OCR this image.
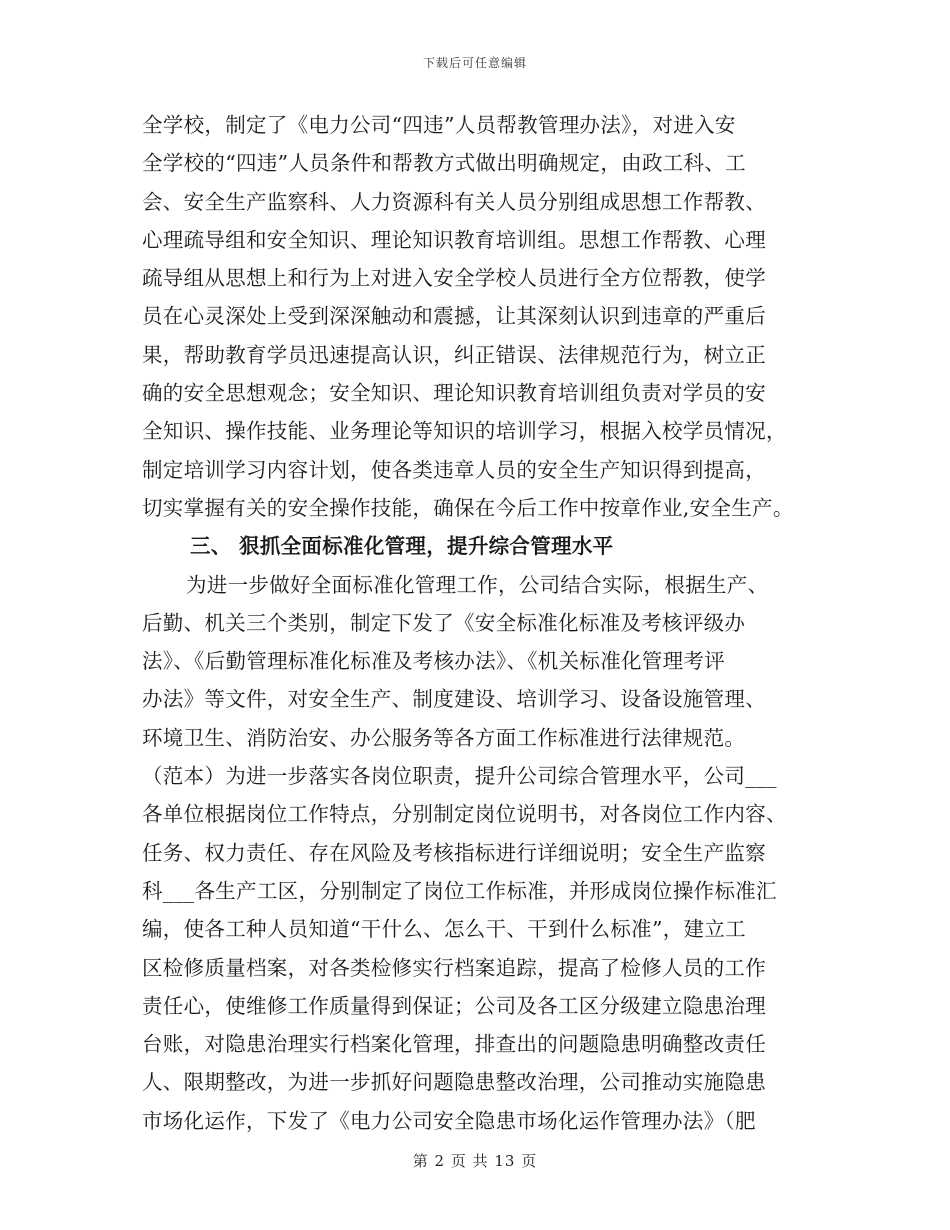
下载后可任意编辑
全学校，制定了《电力公司“四违”人员帮教管理办法》，对进入安
全学校的“四违”人员条件和帮教方式做出明确规定，由政工科、工
会、安全生产监察科、人力资源科有关人员分别组成思想工作帮教、
心理疏导组和安全知识、理论知识教育培训组。思想工作帮教、心理
疏导组从思想上和行为上对进入安全学校人员进行全方位帮教，使学
员在心灵深处上受到深深触动和震撼，让其深刻认识到违章的严重后
果，帮助教育学员迅速提高认识，纠正错误、法律规范行为，树立正
确的安全思想观念；安全知识、理论知识教育培训组负责对学员的安
全知识、操作技能、业务理论等知识的培训学习，根据入校学员情况，
制定培训学习内容计划，使各类违章人员的安全生产知识得到提高，
切实掌握有关的安全操作技能，确保在今后工作中按章作业,安全生产。
三、 狠抓全面标准化管理，提升综合管理水平
为进一步做好全面标准化管理工作，公司结合实际，根据生产、
后勤、机关三个类别，制定下发了《安全标准化标准及考核评级办
法》、《后勤管理标准化标准及考核办法》、《机关标准化管理考评
办法》等文件，对安全生产、制度建设、培训学习、设备设施管理、
环境卫生、消防治安、办公服务等各方面工作标准进行法律规范。
（范本）为进一步落实各岗位职责，提升公司综合管理水平，公司___
各单位根据岗位工作特点，分别制定岗位说明书，对各岗位工作内容、
任务、权力责任、存在风险及考核指标进行详细说明；安全生产监察
科___各生产工区，分别制定了岗位工作标准，并形成岗位操作标准汇
编，使各工种人员知道“干什么、怎么干、干到什么标准”，建立工
区检修质量档案，对各类检修实行档案追踪，提高了检修人员的工作
责任心，使维修工作质量得到保证；公司及各工区分级建立隐患治理
台账，对隐患治理实行档案化管理，排查出的问题隐患明确整改责任
人、限期整改，为进一步抓好问题隐患整改治理，公司推动实施隐患
市场化运作，下发了《电力公司安全隐患市场化运作管理办法》（肥
第 2 页 共 13 页
